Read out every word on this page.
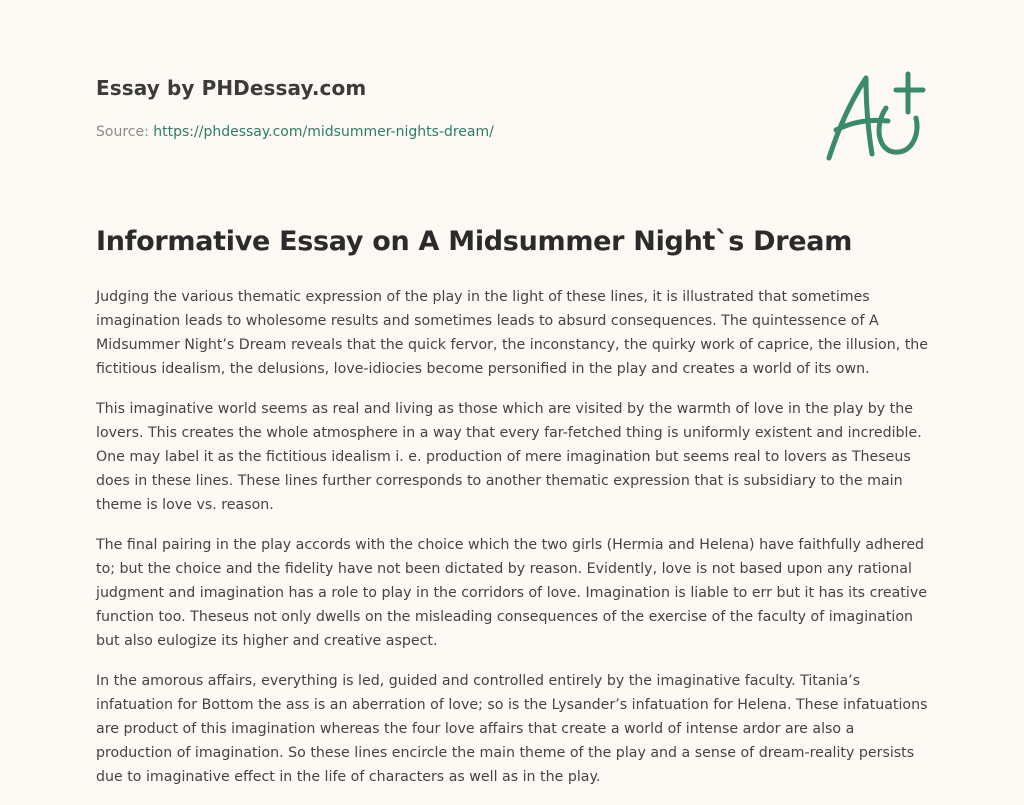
Essay by PHDessay.com
Source: https://phdessay.com/midsummer-nights-dream/
Informative Essay on A Midsummer Night`s Dream

Judging the various thematic expression of the play in the light of these lines, it is illustrated that sometimes imagination leads to wholesome results and sometimes leads to absurd consequences. The quintessence of A Midsummer Night’s Dream reveals that the quick fervor, the inconstancy, the quirky work of caprice, the illusion, the fictitious idealism, the delusions, love-idiocies become personified in the play and creates a world of its own.

This imaginative world seems as real and living as those which are visited by the warmth of love in the play by the lovers. This creates the whole atmosphere in a way that every far-fetched thing is uniformly existent and incredible. One may label it as the fictitious idealism i. e. production of mere imagination but seems real to lovers as Theseus does in these lines. These lines further corresponds to another thematic expression that is subsidiary to the main theme is love vs. reason.

The final pairing in the play accords with the choice which the two girls (Hermia and Helena) have faithfully adhered to; but the choice and the fidelity have not been dictated by reason. Evidently, love is not based upon any rational judgment and imagination has a role to play in the corridors of love. Imagination is liable to err but it has its creative function too. Theseus not only dwells on the misleading consequences of the exercise of the faculty of imagination but also eulogize its higher and creative aspect.

In the amorous affairs, everything is led, guided and controlled entirely by the imaginative faculty. Titania’s infatuation for Bottom the ass is an aberration of love; so is the Lysander’s infatuation for Helena. These infatuations are product of this imagination whereas the four love affairs that create a world of intense ardor are also a production of imagination. So these lines encircle the main theme of the play and a sense of dream-reality persists due to imaginative effect in the life of characters as well as in the play.
